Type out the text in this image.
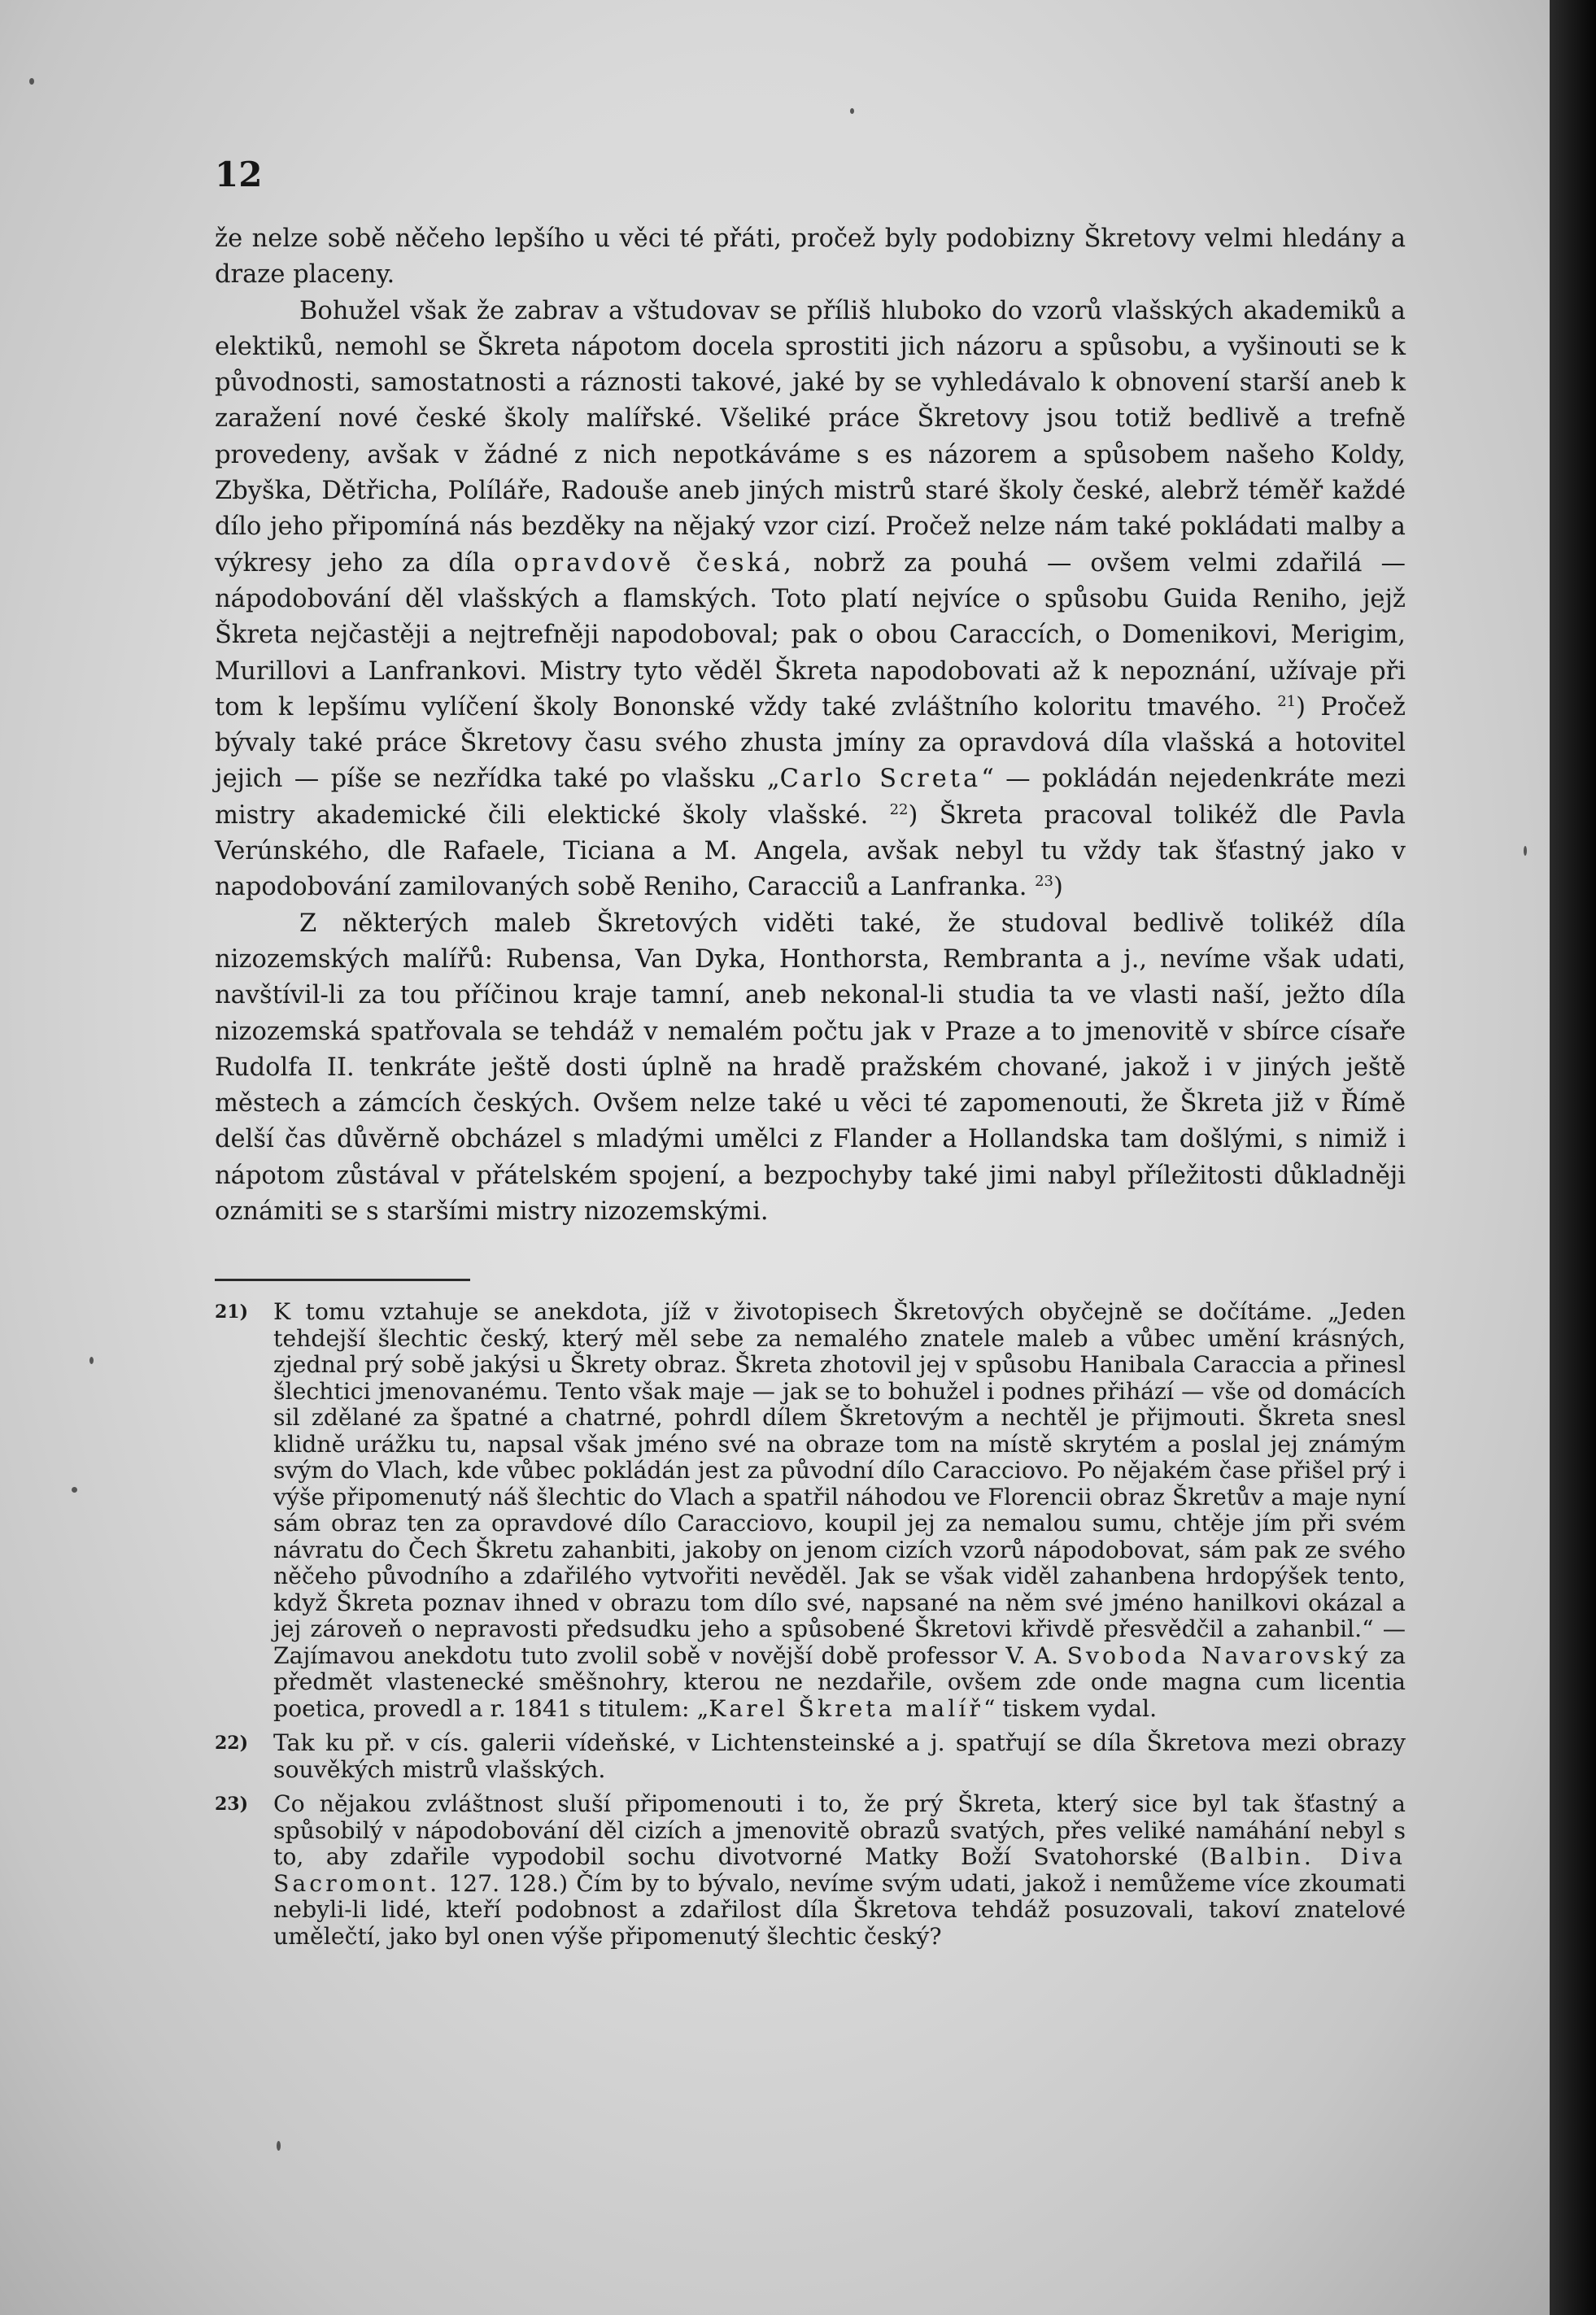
12

že nelze sobě něčeho lepšího u věci té přáti, pročež byly podobizny Škretovy velmi hledány a draze placeny.

Bohužel však že zabrav a vštudovav se příliš hluboko do vzorů vlašských akademiků a elektiků, nemohl se Škreta nápotom docela sprostiti jich názoru a spůsobu, a vyšinouti se k původnosti, samostatnosti a ráznosti takové, jaké by se vyhledávalo k obnovení starší aneb k zaražení nové české školy malířské. Všeliké práce Škretovy jsou totiž bedlivě a trefně provedeny, avšak v žádné z nich nepotkáváme s es názorem a spůsobem našeho Koldy, Zbyška, Dětřicha, Políláře, Radouše aneb jiných mistrů staré školy české, alebrž téměř každé dílo jeho připomíná nás bezděky na nějaký vzor cizí. Pročež nelze nám také pokládati malby a výkresy jeho za díla opravdově česká, nobrž za pouhá — ovšem velmi zdařilá — nápodobování děl vlašských a flamských. Toto platí nejvíce o spůsobu Guida Reniho, jejž Škreta nejčastěji a nejtrefněji napodoboval; pak o obou Caraccích, o Domenikovi, Merigim, Murillovi a Lanfrankovi. Mistry tyto věděl Škreta napodobovati až k nepoznání, užívaje při tom k lepšímu vylíčení školy Bononské vždy také zvláštního koloritu tmavého. $^{21}$) Pročež bývaly také práce Škretovy času svého zhusta jmíny za opravdová díla vlašská a hotovitel jejich — píše se nezřídka také po vlašsku „Carlo Screta“ — pokládán nejedenkráte mezi mistry akademické čili elektické školy vlašské. $^{22}$) Škreta pracoval tolikéž dle Pavla Verúnského, dle Rafaele, Ticiana a M. Angela, avšak nebyl tu vždy tak šťastný jako v napodobování zamilovaných sobě Reniho, Caracciů a Lanfranka. $^{23}$)

Z některých maleb Škretových viděti také, že studoval bedlivě tolikéž díla nizozemských malířů: Rubensa, Van Dyka, Honthorsta, Rembranta a j., nevíme však udati, navštívil-li za tou příčinou kraje tamní, aneb nekonal-li studia ta ve vlasti naší, ježto díla nizozemská spatřovala se tehdáž v nemalém počtu jak v Praze a to jmenovitě v sbírce císaře Rudolfa II. tenkráte ještě dosti úplně na hradě pražském chované, jakož i v jiných ještě městech a zámcích českých. Ovšem nelze také u věci té zapomenouti, že Škreta již v Římě delší čas důvěrně obcházel s mladými umělci z Flander a Hollandska tam došlými, s nimiž i nápotom zůstával v přátelském spojení, a bezpochyby také jimi nabyl příležitosti důkladněji oznámiti se s staršími mistry nizozemskými.

21)	K tomu vztahuje se anekdota, jíž v životopisech Škretových obyčejně se dočítáme. „Jeden tehdejší šlechtic český, který měl sebe za nemalého znatele maleb a vůbec umění krásných, zjednal prý sobě jakýsi u Škrety obraz. Škreta zhotovil jej v spůsobu Hanibala Caraccia a přinesl šlechtici jmenovanému. Tento však maje — jak se to bohužel i podnes přihází — vše od domácích sil zdělané za špatné a chatrné, pohrdl dílem Škretovým a nechtěl je přijmouti. Škreta snesl klidně urážku tu, napsal však jméno své na obraze tom na místě skrytém a poslal jej známým svým do Vlach, kde vůbec pokládán jest za původní dílo Caracciovo. Po nějakém čase přišel prý i výše připomenutý náš šlechtic do Vlach a spatřil náhodou ve Florencii obraz Škretův a maje nyní sám obraz ten za opravdové dílo Caracciovo, koupil jej za nemalou sumu, chtěje jím při svém návratu do Čech Škretu zahanbiti, jakoby on jenom cizích vzorů nápodobovat, sám pak ze svého něčeho původního a zdařilého vytvořiti nevěděl. Jak se však viděl zahanbena hrdopýšek tento, když Škreta poznav ihned v obrazu tom dílo své, napsané na něm své jméno hanilkovi okázal a jej zároveň o nepravosti předsudku jeho a spůsobené Škretovi křivdě přesvědčil a zahanbil.“ — Zajímavou anekdotu tuto zvolil sobě v novější době professor V. A. Svoboda Navarovský za předmět vlastenecké směšnohry, kterou ne nezdařile, ovšem zde onde magna cum licentia poetica, provedl a r. 1841 s titulem: „Karel Škreta malíř“ tiskem vydal.
22)	Tak ku př. v cís. galerii vídeňské, v Lichtensteinské a j. spatřují se díla Škretova mezi obrazy souvěkých mistrů vlašských.
23)	Co nějakou zvláštnost sluší připomenouti i to, že prý Škreta, který sice byl tak šťastný a spůsobilý v nápodobování děl cizích a jmenovitě obrazů svatých, přes veliké namáhání nebyl s to, aby zdařile vypodobil sochu divotvorné Matky Boží Svatohorské (Balbin. Diva Sacromont. 127. 128.) Čím by to bývalo, nevíme svým udati, jakož i nemůžeme více zkoumati nebyli-li lidé, kteří podobnost a zdařilost díla Škretova tehdáž posuzovali, takoví znatelové umělečtí, jako byl onen výše připomenutý šlechtic český?
